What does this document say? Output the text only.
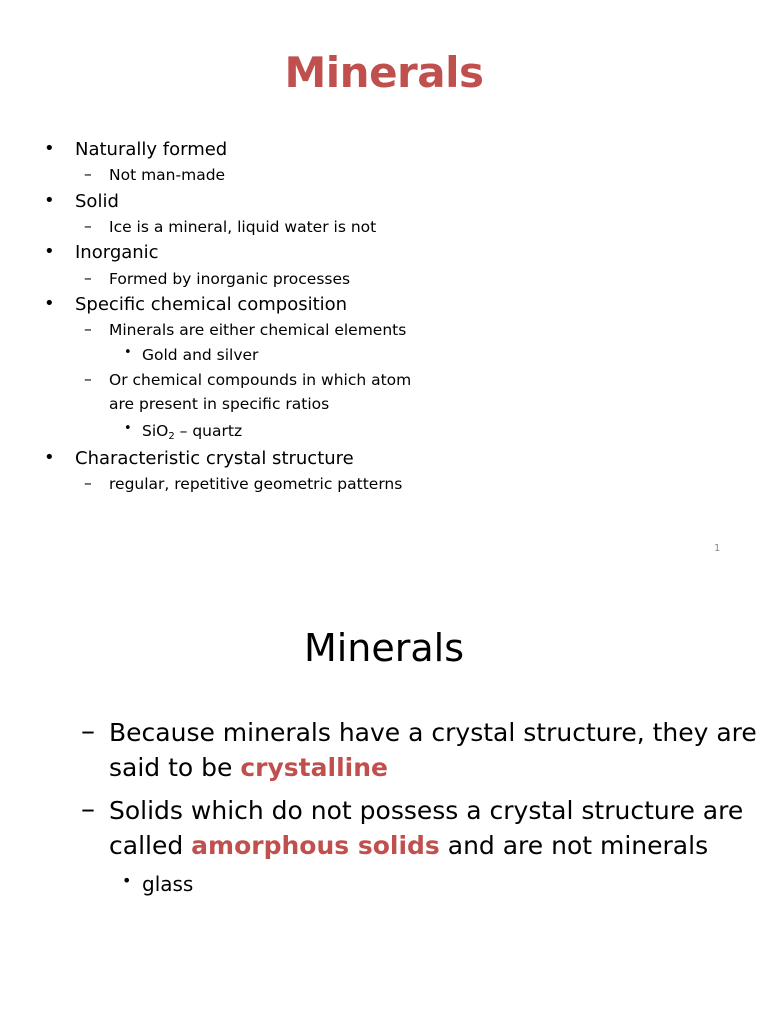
Minerals
• Naturally formed
– Not man-made
• Solid
– Ice is a mineral, liquid water is not
• Inorganic
– Formed by inorganic processes
• Specific chemical composition
– Minerals are either chemical elements
• Gold and silver
– Or chemical compounds in which atom
are present in specific ratios
• SiO$_2$ – quartz
• Characteristic crystal structure
– regular, repetitive geometric patterns
1
Minerals
– Because minerals have a crystal structure, they are
said to be crystalline
– Solids which do not possess a crystal structure are
called amorphous solids and are not minerals
• glass
